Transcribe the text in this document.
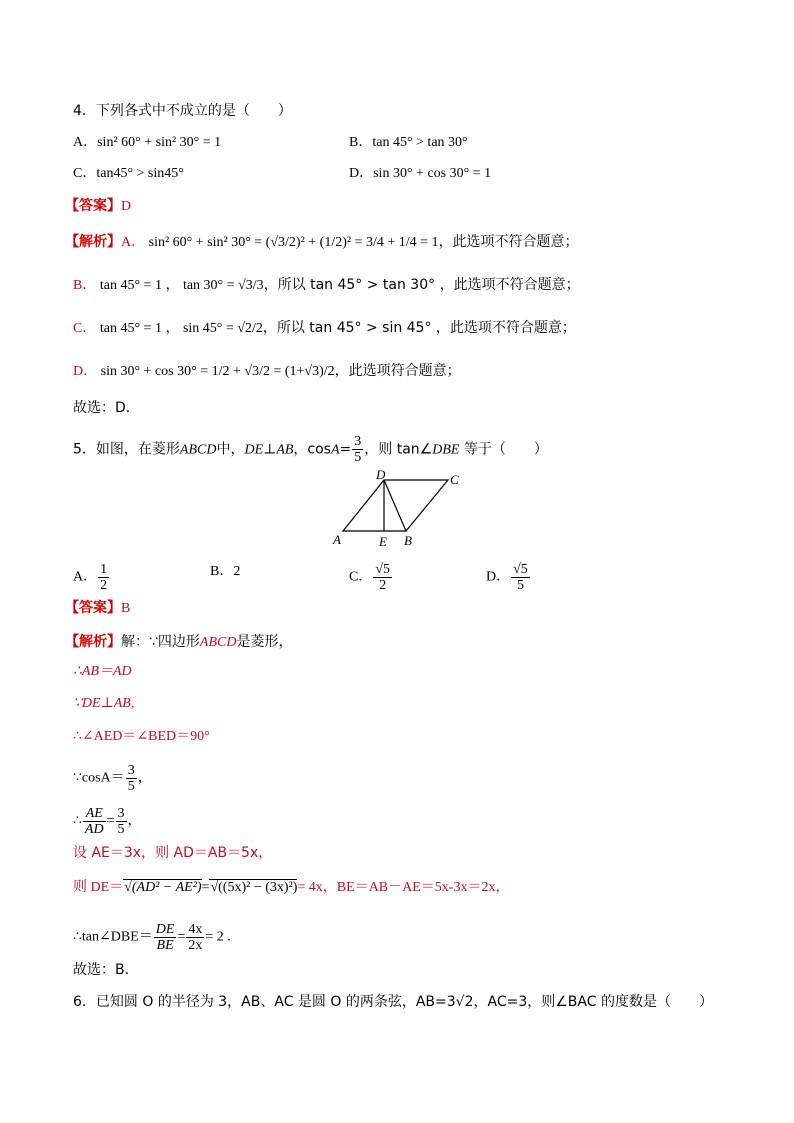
4．下列各式中不成立的是（　　）
A．sin² 60° + sin² 30° = 1	B．tan 45° > tan 30°
C．tan45° > sin45°	D．sin 30° + cos 30° = 1
【答案】D
【解析】A． sin² 60° + sin² 30° = (√3/2)² + (1/2)² = 3/4 + 1/4 = 1，此选项不符合题意；
B． tan 45° = 1 ， tan 30° = √3/3，所以 tan 45° > tan 30° ，此选项不符合题意；
C． tan 45° = 1 ， sin 45° = √2/2，所以 tan 45° > sin 45° ，此选项不符合题意；
D． sin 30° + cos 30° = 1/2 + √3/2 = (1+√3)/2，此选项符合题意；
故选：D．
5．如图，在菱形ABCD中，DE⊥AB，$\cos A= \frac{3}{5}$ ，则 tan∠DBE 等于（　　）
D	C
A	E B
A． $\frac{1}{2}$	B．2	C． $\frac{√5}{2}$	D． $\frac{√5}{5}$
【答案】B
【解析】解：∵四边形ABCD是菱形，
∴AB＝AD
∵DE⊥AB,
∴∠AED＝∠BED＝90°
∵cosA＝ $\frac{3}{5}$ ，
∴ $\frac{AE}{AD} = \frac{3}{5}$ ，
设 AE＝3x，则 AD＝AB＝5x，
则 DE＝√(AD² − AE²)=√((5x)² − (3x)²)= 4x，BE＝AB－AE＝5x-3x＝2x，
∴tan∠DBE＝ $\frac{DE}{BE} = \frac{4x}{2x} = 2$ .
故选：B．
6．已知圆 O 的半径为 3，AB、AC 是圆 O 的两条弦，AB=3√2，AC=3，则∠BAC 的度数是（　　）
